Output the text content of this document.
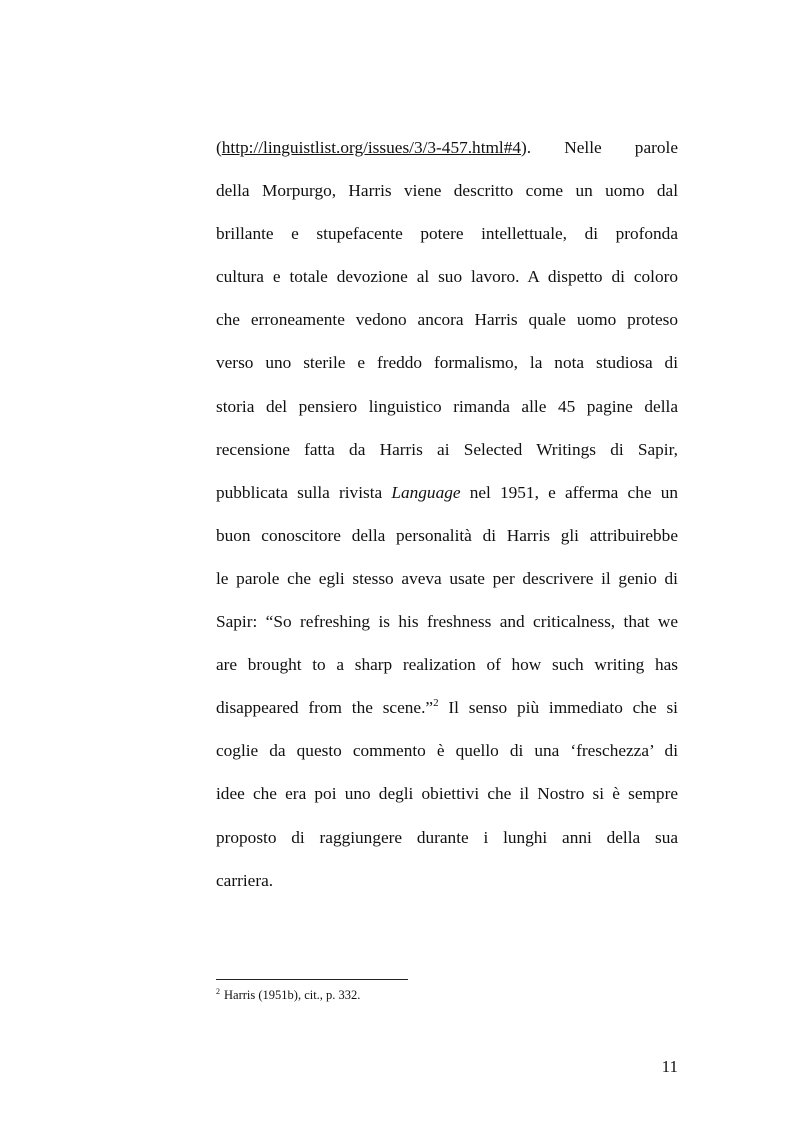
(http://linguistlist.org/issues/3/3-457.html#4). Nelle parole
della Morpurgo, Harris viene descritto come un uomo dal
brillante e stupefacente potere intellettuale, di profonda
cultura e totale devozione al suo lavoro. A dispetto di coloro
che erroneamente vedono ancora Harris quale uomo proteso
verso uno sterile e freddo formalismo, la nota studiosa di
storia del pensiero linguistico rimanda alle 45 pagine della
recensione fatta da Harris ai Selected Writings di Sapir,
pubblicata sulla rivista Language nel 1951, e afferma che un
buon conoscitore della personalità di Harris gli attribuirebbe
le parole che egli stesso aveva usate per descrivere il genio di
Sapir: “So refreshing is his freshness and criticalness, that we
are brought to a sharp realization of how such writing has
disappeared from the scene.”$^2$ Il senso più immediato che si
coglie da questo commento è quello di una ‘freschezza’ di
idee che era poi uno degli obiettivi che il Nostro si è sempre
proposto di raggiungere durante i lunghi anni della sua
carriera.
$^2$ Harris (1951b), cit., p. 332.
11
